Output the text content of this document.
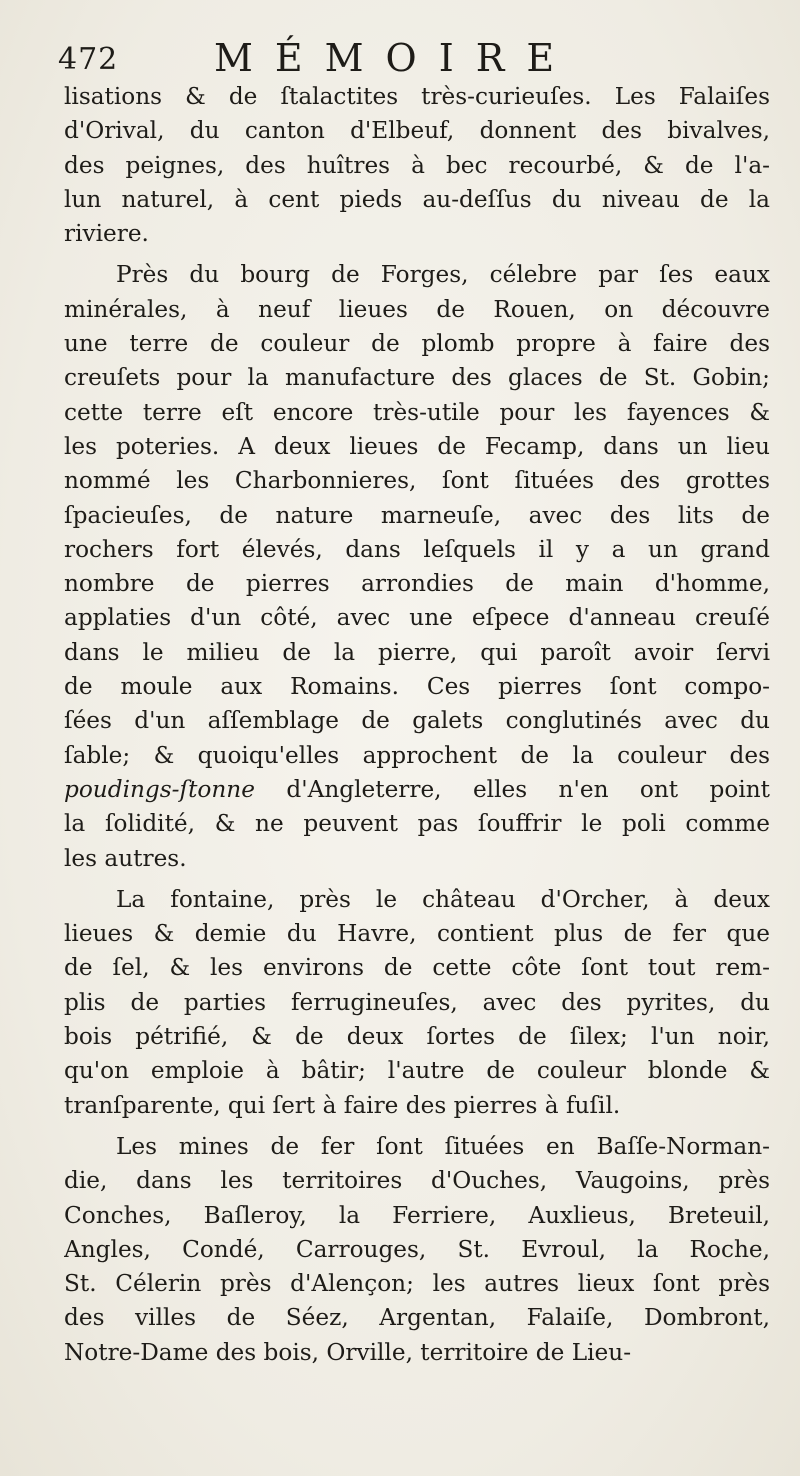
472	MÉMOIRE
lisations & de ſtalactites très-curieuſes. Les Falaiſes
d'Orival, du canton d'Elbeuf, donnent des bivalves,
des peignes, des huîtres à bec recourbé, & de l'a-
lun naturel, à cent pieds au-deſſus du niveau de la
riviere.
Près du bourg de Forges, célebre par ſes eaux
minérales, à neuf lieues de Rouen, on découvre
une terre de couleur de plomb propre à faire des
creuſets pour la manufacture des glaces de St. Gobin;
cette terre eſt encore très-utile pour les fayences &
les poteries. A deux lieues de Fecamp, dans un lieu
nommé les Charbonnieres, ſont ſituées des grottes
ſpacieuſes, de nature marneuſe, avec des lits de
rochers fort élevés, dans leſquels il y a un grand
nombre de pierres arrondies de main d'homme,
applaties d'un côté, avec une eſpece d'anneau creuſé
dans le milieu de la pierre, qui paroît avoir ſervi
de moule aux Romains. Ces pierres ſont compo-
ſées d'un aſſemblage de galets conglutinés avec du
ſable; & quoiqu'elles approchent de la couleur des
poudings-ſtonne d'Angleterre, elles n'en ont point
la ſolidité, & ne peuvent pas ſouffrir le poli comme
les autres.
La fontaine, près le château d'Orcher, à deux
lieues & demie du Havre, contient plus de fer que
de ſel, & les environs de cette côte ſont tout rem-
plis de parties ferrugineuſes, avec des pyrites, du
bois pétrifié, & de deux ſortes de ſilex; l'un noir,
qu'on emploie à bâtir; l'autre de couleur blonde &
tranſparente, qui ſert à faire des pierres à fuſil.
Les mines de fer ſont ſituées en Baſſe-Norman-
die, dans les territoires d'Ouches, Vaugoins, près
Conches, Baſleroy, la Ferriere, Auxlieus, Breteuil,
Angles, Condé, Carrouges, St. Evroul, la Roche,
St. Célerin près d'Alençon; les autres lieux ſont près
des villes de Séez, Argentan, Falaiſe, Dombront,
Notre-Dame des bois, Orville, territoire de Lieu-
